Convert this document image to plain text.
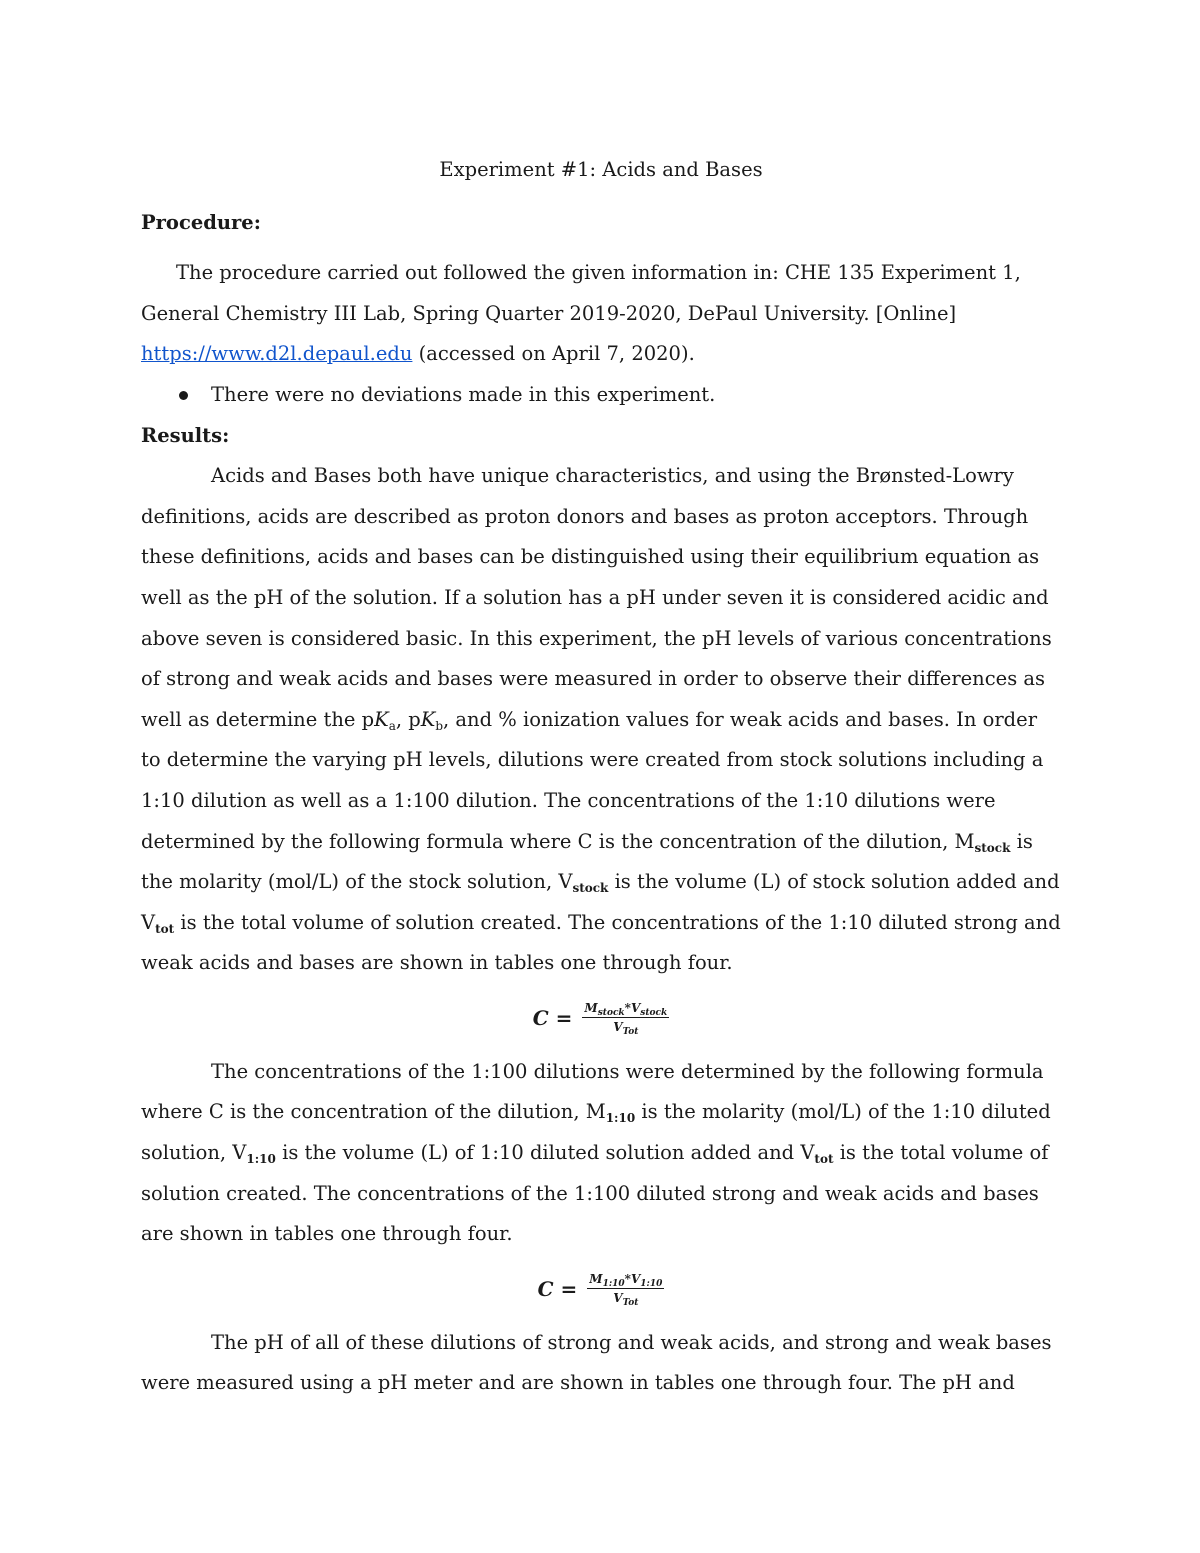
Experiment #1: Acids and Bases

Procedure:

The procedure carried out followed the given information in: CHE 135 Experiment 1, General Chemistry III Lab, Spring Quarter 2019-2020, DePaul University. [Online] https://www.d2l.depaul.edu (accessed on April 7, 2020).

There were no deviations made in this experiment.

Results:

Acids and Bases both have unique characteristics, and using the Brønsted-Lowry definitions, acids are described as proton donors and bases as proton acceptors. Through these definitions, acids and bases can be distinguished using their equilibrium equation as well as the pH of the solution. If a solution has a pH under seven it is considered acidic and above seven is considered basic. In this experiment, the pH levels of various concentrations of strong and weak acids and bases were measured in order to observe their differences as well as determine the $pK_a$, $pK_b$, and % ionization values for weak acids and bases. In order to determine the varying pH levels, dilutions were created from stock solutions including a 1:10 dilution as well as a 1:100 dilution. The concentrations of the 1:10 dilutions were determined by the following formula where C is the concentration of the dilution, $M_{stock}$ is the molarity (mol/L) of the stock solution, $V_{stock}$ is the volume (L) of stock solution added and $V_{tot}$ is the total volume of solution created. The concentrations of the 1:10 diluted strong and weak acids and bases are shown in tables one through four.

$C = \frac{M_{stock}*V_{stock}}{V_{Tot}}$

The concentrations of the 1:100 dilutions were determined by the following formula where C is the concentration of the dilution, $M_{1:10}$ is the molarity (mol/L) of the 1:10 diluted solution, $V_{1:10}$ is the volume (L) of 1:10 diluted solution added and $V_{tot}$ is the total volume of solution created. The concentrations of the 1:100 diluted strong and weak acids and bases are shown in tables one through four.

$C = \frac{M_{1:10}*V_{1:10}}{V_{Tot}}$

The pH of all of these dilutions of strong and weak acids, and strong and weak bases were measured using a pH meter and are shown in tables one through four. The pH and
